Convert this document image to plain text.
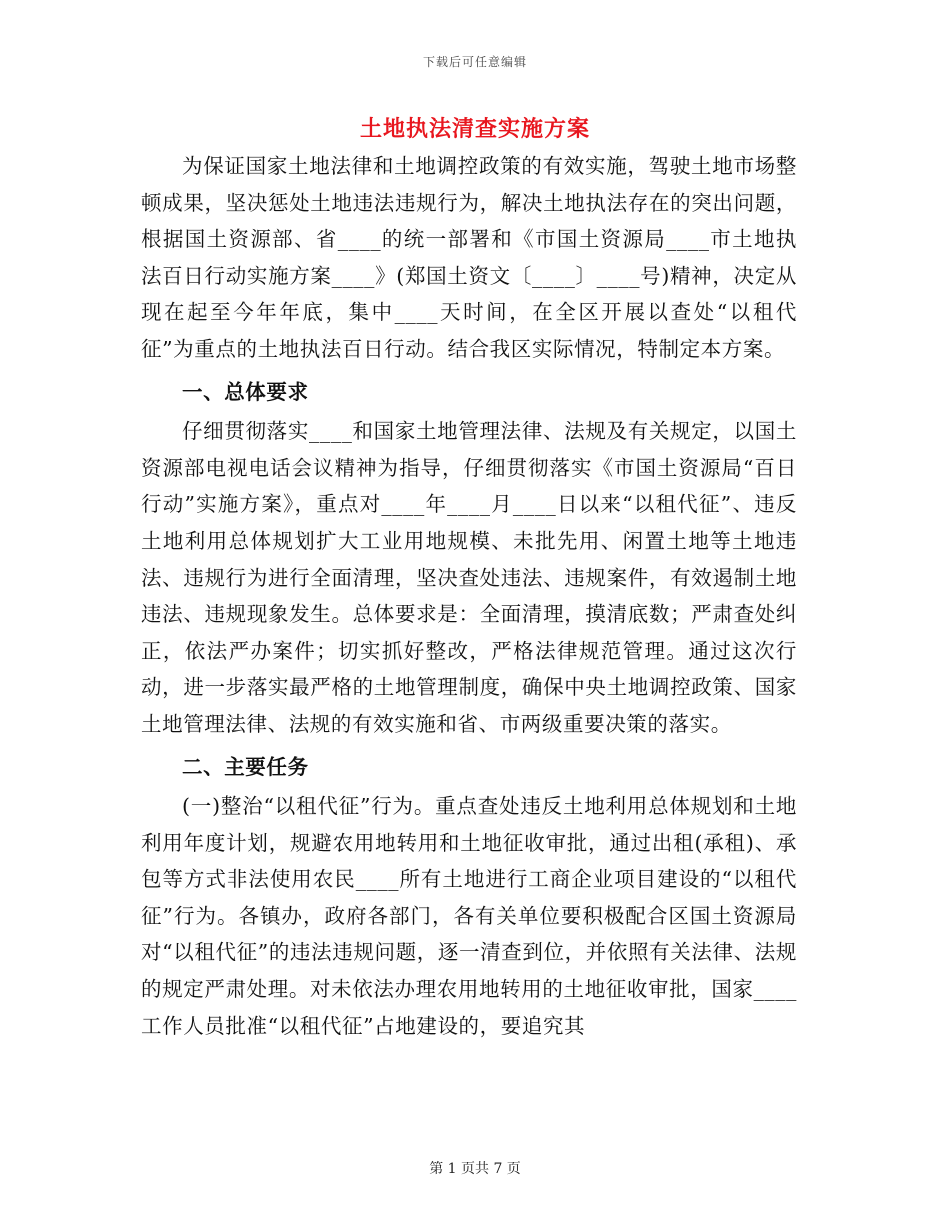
下载后可任意编辑
土地执法清查实施方案

为保证国家土地法律和土地调控政策的有效实施，驾驶土地市场整顿成果，坚决惩处土地违法违规行为，解决土地执法存在的突出问题，根据国土资源部、省____的统一部署和《市国土资源局____市土地执法百日行动实施方案____》(郑国土资文〔____〕____号)精神，决定从现在起至今年年底，集中____天时间，在全区开展以查处“以租代征”为重点的土地执法百日行动。结合我区实际情况，特制定本方案。

一、总体要求

仔细贯彻落实____和国家土地管理法律、法规及有关规定，以国土资源部电视电话会议精神为指导，仔细贯彻落实《市国土资源局“百日行动”实施方案》，重点对____年____月____日以来“以租代征”、违反土地利用总体规划扩大工业用地规模、未批先用、闲置土地等土地违法、违规行为进行全面清理，坚决查处违法、违规案件，有效遏制土地违法、违规现象发生。总体要求是：全面清理，摸清底数；严肃查处纠正，依法严办案件；切实抓好整改，严格法律规范管理。通过这次行动，进一步落实最严格的土地管理制度，确保中央土地调控政策、国家土地管理法律、法规的有效实施和省、市两级重要决策的落实。

二、主要任务

(一)整治“以租代征”行为。重点查处违反土地利用总体规划和土地利用年度计划，规避农用地转用和土地征收审批，通过出租(承租)、承包等方式非法使用农民____所有土地进行工商企业项目建设的“以租代征”行为。各镇办，政府各部门，各有关单位要积极配合区国土资源局对“以租代征”的违法违规问题，逐一清查到位，并依照有关法律、法规的规定严肃处理。对未依法办理农用地转用的土地征收审批，国家____工作人员批准“以租代征”占地建设的，要追究其

第 1 页共 7 页
